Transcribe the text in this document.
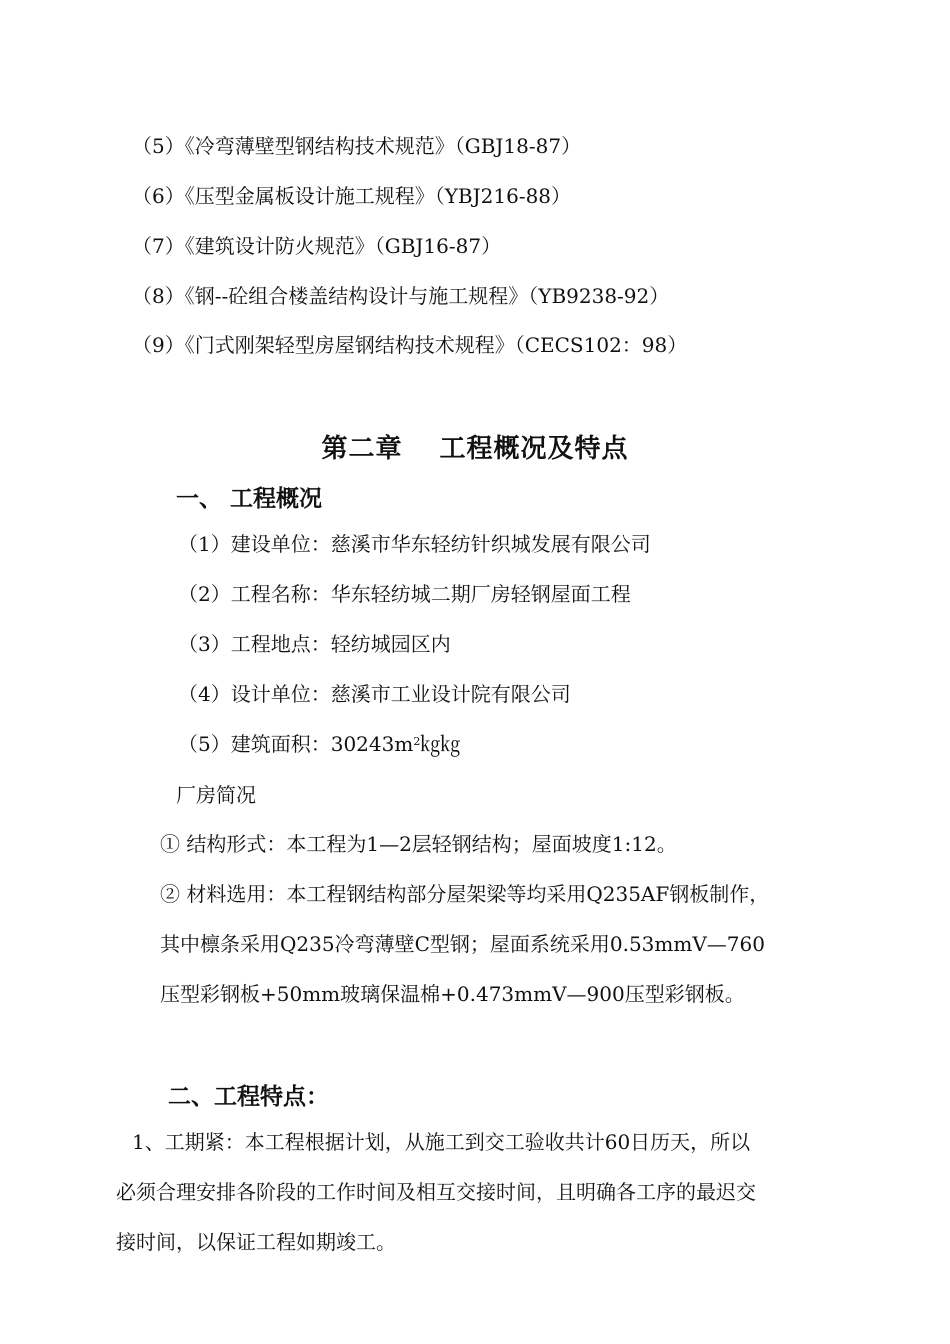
（5）《冷弯薄壁型钢结构技术规范》（GBJ18-87）
（6）《压型金属板设计施工规程》（YBJ216-88）
（7）《建筑设计防火规范》（GBJ16-87）
（8）《钢--砼组合楼盖结构设计与施工规程》（YB9238-92）
（9）《门式刚架轻型房屋钢结构技术规程》（CECS102：98）
第二章　 工程概况及特点
一、 工程概况
（1）建设单位：慈溪市华东轻纺针织城发展有限公司
（2）工程名称：华东轻纺城二期厂房轻钢屋面工程
（3）工程地点：轻纺城园区内
（4）设计单位：慈溪市工业设计院有限公司
（5）建筑面积：$30243m^2㎏㎏$
厂房简况
① 结构形式：本工程为1—2层轻钢结构；屋面坡度1:12。
② 材料选用：本工程钢结构部分屋架梁等均采用Q235AF钢板制作，
其中檩条采用Q235冷弯薄壁C型钢；屋面系统采用0.53mmV—760
压型彩钢板+50mm玻璃保温棉+0.473mmV—900压型彩钢板。
二、工程特点：
1、工期紧：本工程根据计划，从施工到交工验收共计60日历天，所以
必须合理安排各阶段的工作时间及相互交接时间，且明确各工序的最迟交
接时间，以保证工程如期竣工。
